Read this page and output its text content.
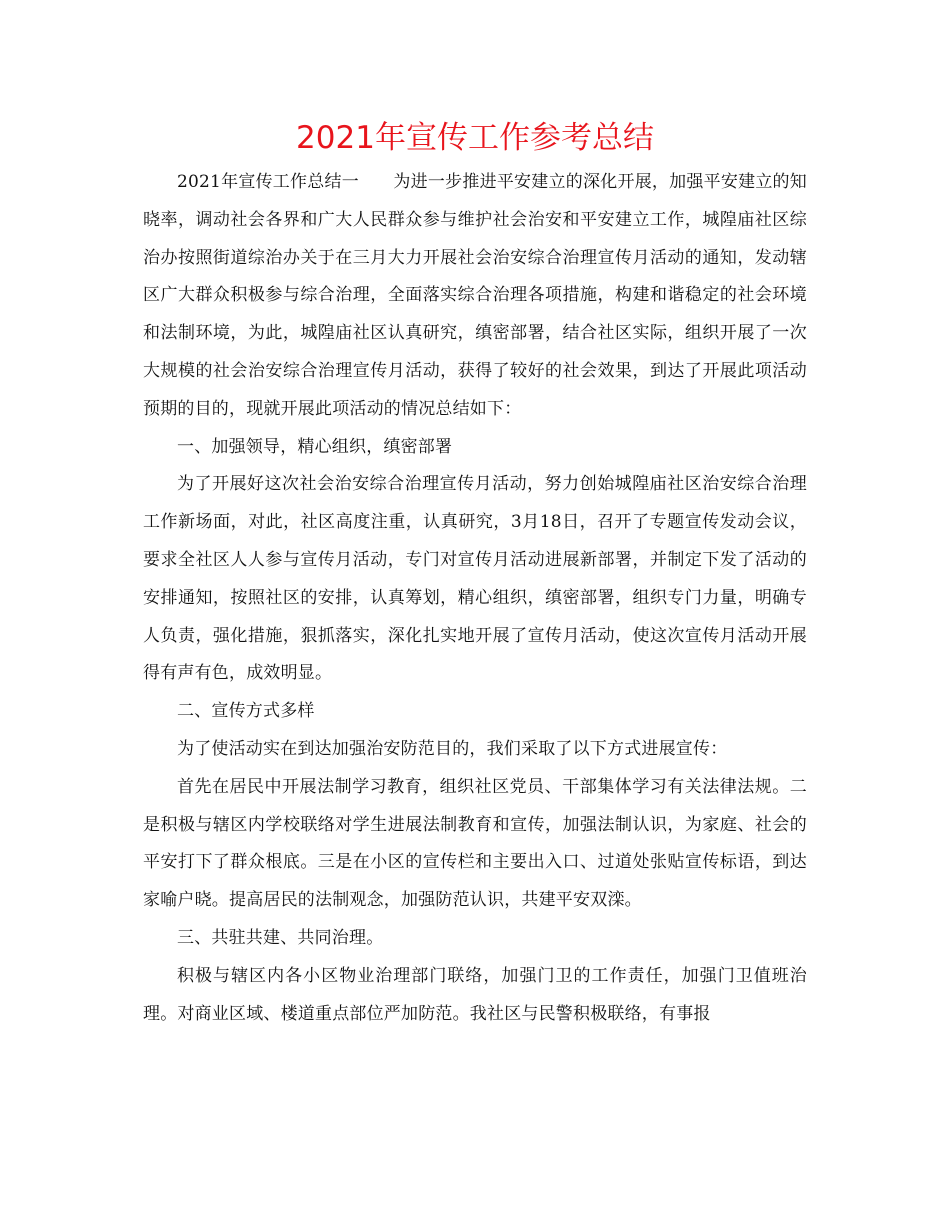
2021年宣传工作参考总结

2021年宣传工作总结一　　为进一步推进平安建立的深化开展，加强平安建立的知晓率，调动社会各界和广大人民群众参与维护社会治安和平安建立工作，城隍庙社区综治办按照街道综治办关于在三月大力开展社会治安综合治理宣传月活动的通知，发动辖区广大群众积极参与综合治理，全面落实综合治理各项措施，构建和谐稳定的社会环境和法制环境，为此，城隍庙社区认真研究，缜密部署，结合社区实际，组织开展了一次大规模的社会治安综合治理宣传月活动，获得了较好的社会效果，到达了开展此项活动预期的目的，现就开展此项活动的情况总结如下：

一、加强领导，精心组织，缜密部署

为了开展好这次社会治安综合治理宣传月活动，努力创始城隍庙社区治安综合治理工作新场面，对此，社区高度注重，认真研究，3月18日，召开了专题宣传发动会议，要求全社区人人参与宣传月活动，专门对宣传月活动进展新部署，并制定下发了活动的安排通知，按照社区的安排，认真筹划，精心组织，缜密部署，组织专门力量，明确专人负责，强化措施，狠抓落实，深化扎实地开展了宣传月活动，使这次宣传月活动开展得有声有色，成效明显。

二、宣传方式多样

为了使活动实在到达加强治安防范目的，我们采取了以下方式进展宣传：

首先在居民中开展法制学习教育，组织社区党员、干部集体学习有关法律法规。二是积极与辖区内学校联络对学生进展法制教育和宣传，加强法制认识，为家庭、社会的平安打下了群众根底。三是在小区的宣传栏和主要出入口、过道处张贴宣传标语，到达家喻户晓。提高居民的法制观念，加强防范认识，共建平安双滦。

三、共驻共建、共同治理。

积极与辖区内各小区物业治理部门联络，加强门卫的工作责任，加强门卫值班治理。对商业区域、楼道重点部位严加防范。我社区与民警积极联络，有事报
